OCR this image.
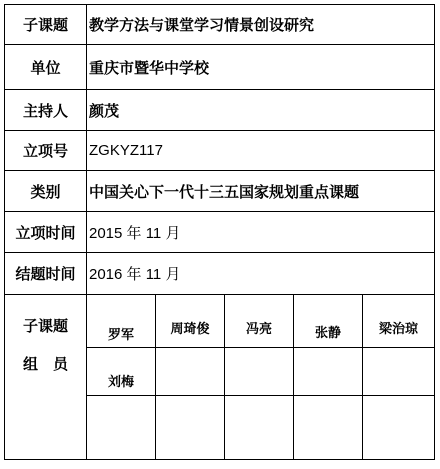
子课题	教学方法与课堂学习情景创设研究
单位	重庆市暨华中学校
主持人	颜茂
立项号	ZGKYZ117
类别	中国关心下一代十三五国家规划重点课题
立项时间 2015 年 11 月
结题时间 2016 年 11 月
子课题
组　员
罗军	周琦俊	冯亮	张静	梁治琼
刘梅
